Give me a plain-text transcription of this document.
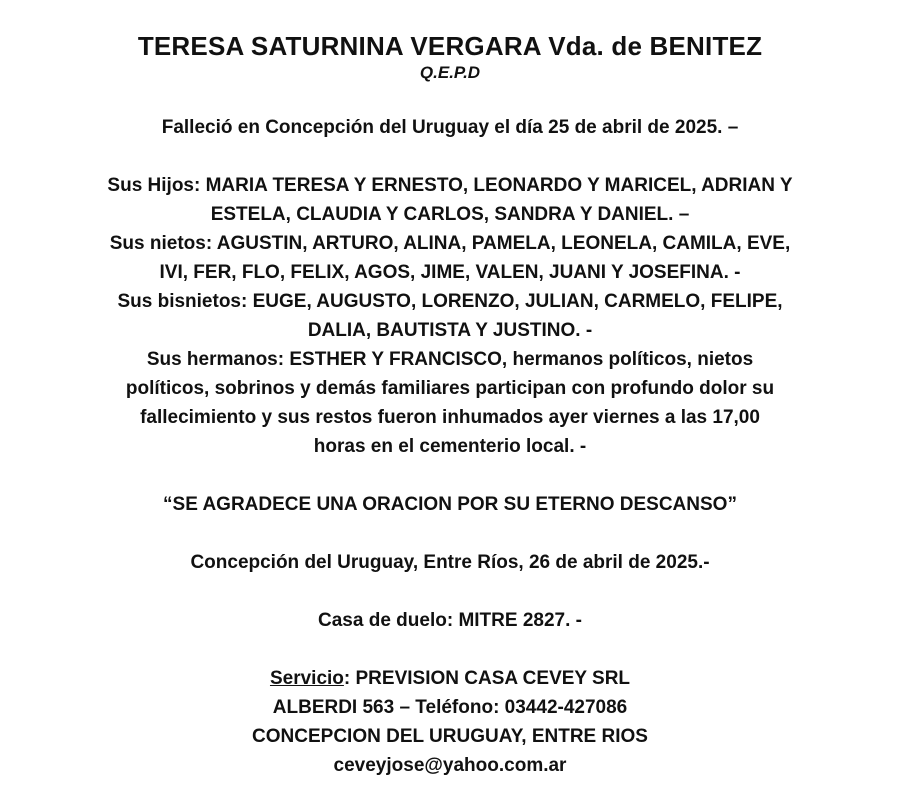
TERESA SATURNINA VERGARA Vda. de BENITEZ

Q.E.P.D

Falleció en Concepción del Uruguay el día 25 de abril de 2025. –

Sus Hijos: MARIA TERESA Y ERNESTO, LEONARDO Y MARICEL, ADRIAN Y

ESTELA, CLAUDIA Y CARLOS, SANDRA Y DANIEL. –

Sus nietos: AGUSTIN, ARTURO, ALINA, PAMELA, LEONELA, CAMILA, EVE,

IVI, FER, FLO, FELIX, AGOS, JIME, VALEN, JUANI Y JOSEFINA. -

Sus bisnietos: EUGE, AUGUSTO, LORENZO, JULIAN, CARMELO, FELIPE,

DALIA, BAUTISTA Y JUSTINO. -

Sus hermanos: ESTHER Y FRANCISCO, hermanos políticos, nietos

políticos, sobrinos y demás familiares participan con profundo dolor su

fallecimiento y sus restos fueron inhumados ayer viernes a las 17,00

horas en el cementerio local. -

“SE AGRADECE UNA ORACION POR SU ETERNO DESCANSO”

Concepción del Uruguay, Entre Ríos, 26 de abril de 2025.-

Casa de duelo: MITRE 2827. -

Servicio: PREVISION CASA CEVEY SRL

ALBERDI 563 – Teléfono: 03442-427086

CONCEPCION DEL URUGUAY, ENTRE RIOS

ceveyjose@yahoo.com.ar
